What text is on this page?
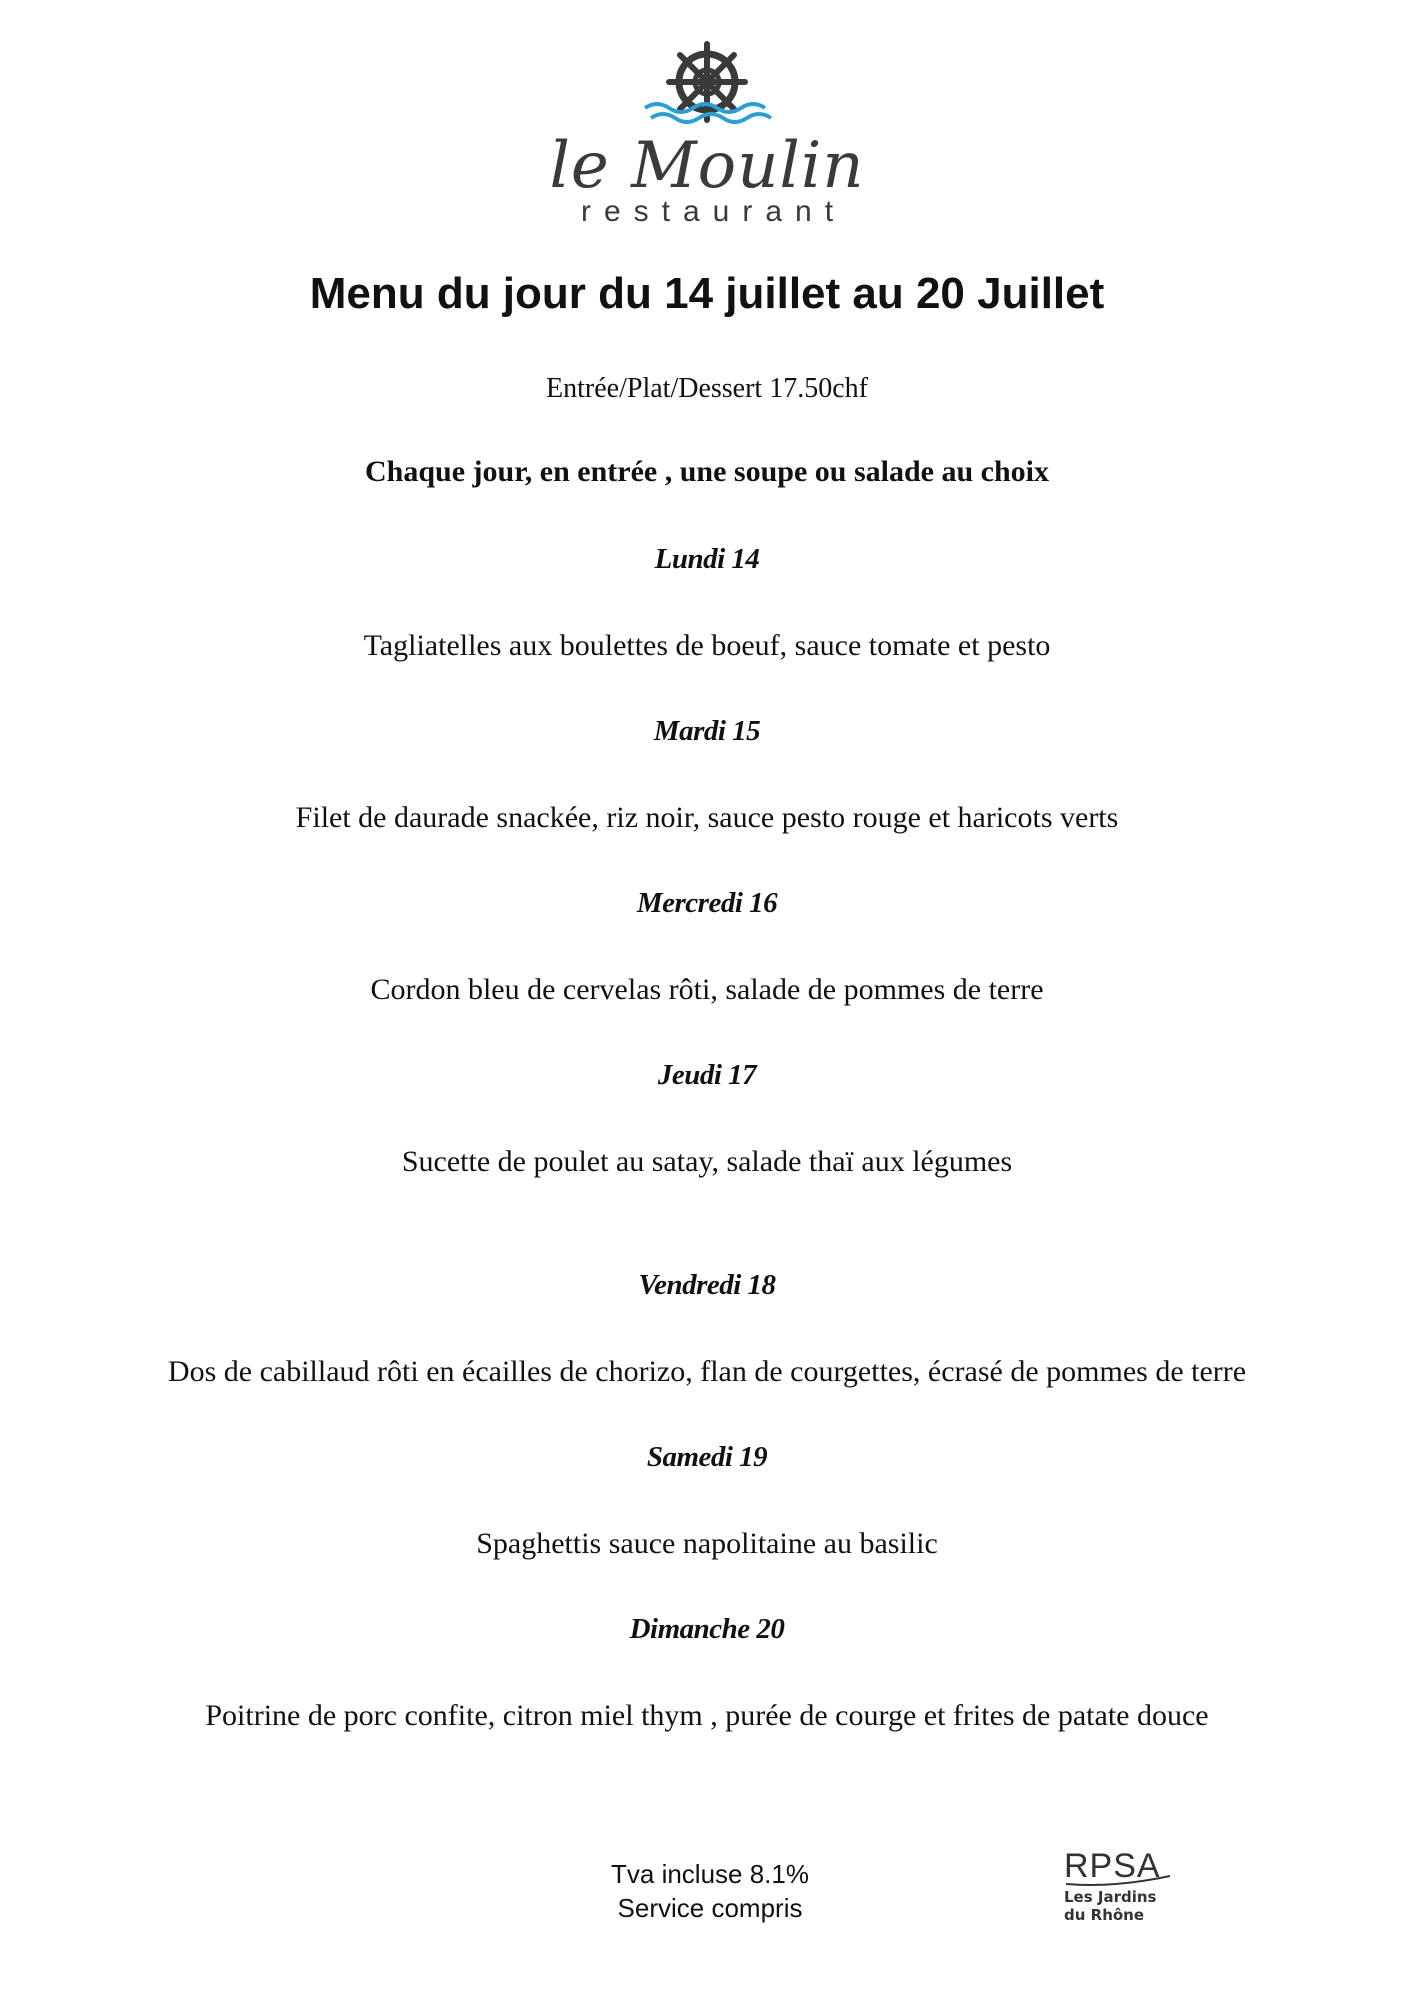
le Moulin
restaurant
Menu du jour du 14 juillet au 20 Juillet
Entrée/Plat/Dessert 17.50chf
Chaque jour, en entrée , une soupe ou salade au choix
Lundi 14
Tagliatelles aux boulettes de boeuf, sauce tomate et pesto
Mardi 15
Filet de daurade snackée, riz noir, sauce pesto rouge et haricots verts
Mercredi 16
Cordon bleu de cervelas rôti, salade de pommes de terre
Jeudi 17
Sucette de poulet au satay, salade thaï aux légumes
Vendredi 18
Dos de cabillaud rôti en écailles de chorizo, flan de courgettes, écrasé de pommes de terre
Samedi 19
Spaghettis sauce napolitaine au basilic
Dimanche 20
Poitrine de porc confite, citron miel thym , purée de courge et frites de patate douce
Tva incluse 8.1%
Service compris
RPSA
Les Jardins
du Rhône
